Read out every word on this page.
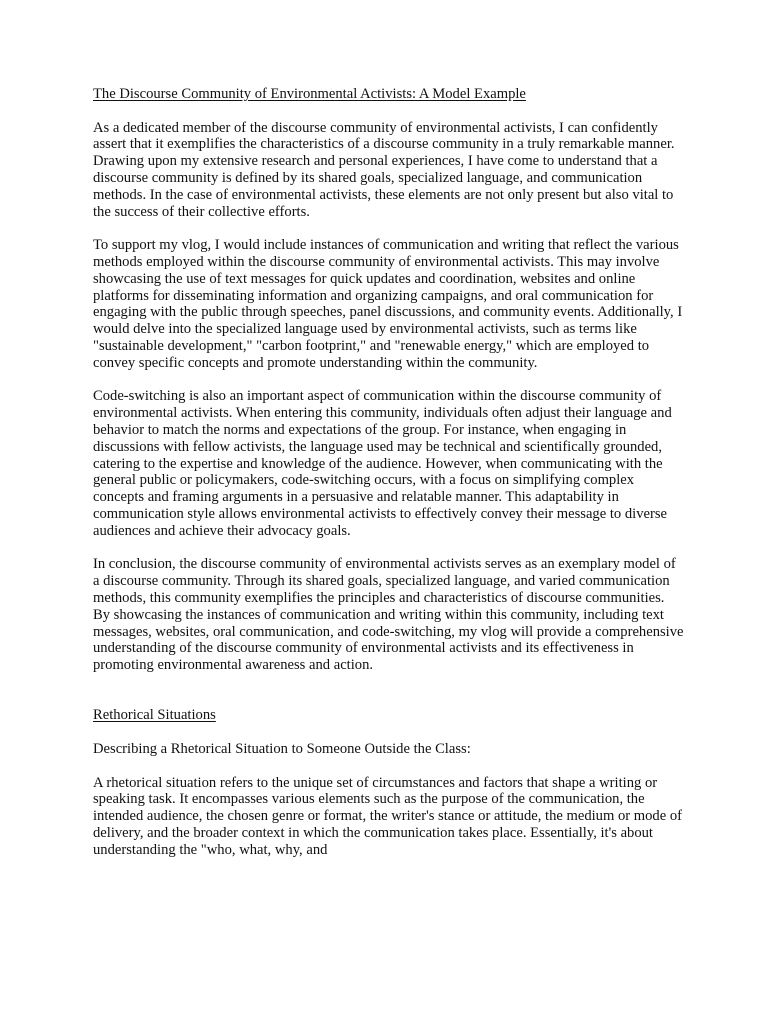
The Discourse Community of Environmental Activists: A Model Example

As a dedicated member of the discourse community of environmental activists, I can confidently assert that it exemplifies the characteristics of a discourse community in a truly remarkable manner. Drawing upon my extensive research and personal experiences, I have come to understand that a discourse community is defined by its shared goals, specialized language, and communication methods. In the case of environmental activists, these elements are not only present but also vital to the success of their collective efforts.

To support my vlog, I would include instances of communication and writing that reflect the various methods employed within the discourse community of environmental activists. This may involve showcasing the use of text messages for quick updates and coordination, websites and online platforms for disseminating information and organizing campaigns, and oral communication for engaging with the public through speeches, panel discussions, and community events. Additionally, I would delve into the specialized language used by environmental activists, such as terms like "sustainable development," "carbon footprint," and "renewable energy," which are employed to convey specific concepts and promote understanding within the community.

Code-switching is also an important aspect of communication within the discourse community of environmental activists. When entering this community, individuals often adjust their language and behavior to match the norms and expectations of the group. For instance, when engaging in discussions with fellow activists, the language used may be technical and scientifically grounded, catering to the expertise and knowledge of the audience. However, when communicating with the general public or policymakers, code-switching occurs, with a focus on simplifying complex concepts and framing arguments in a persuasive and relatable manner. This adaptability in communication style allows environmental activists to effectively convey their message to diverse audiences and achieve their advocacy goals.

In conclusion, the discourse community of environmental activists serves as an exemplary model of a discourse community. Through its shared goals, specialized language, and varied communication methods, this community exemplifies the principles and characteristics of discourse communities. By showcasing the instances of communication and writing within this community, including text messages, websites, oral communication, and code-switching, my vlog will provide a comprehensive understanding of the discourse community of environmental activists and its effectiveness in promoting environmental awareness and action.

Rethorical Situations

Describing a Rhetorical Situation to Someone Outside the Class:

A rhetorical situation refers to the unique set of circumstances and factors that shape a writing or speaking task. It encompasses various elements such as the purpose of the communication, the intended audience, the chosen genre or format, the writer's stance or attitude, the medium or mode of delivery, and the broader context in which the communication takes place. Essentially, it's about understanding the "who, what, why, and
